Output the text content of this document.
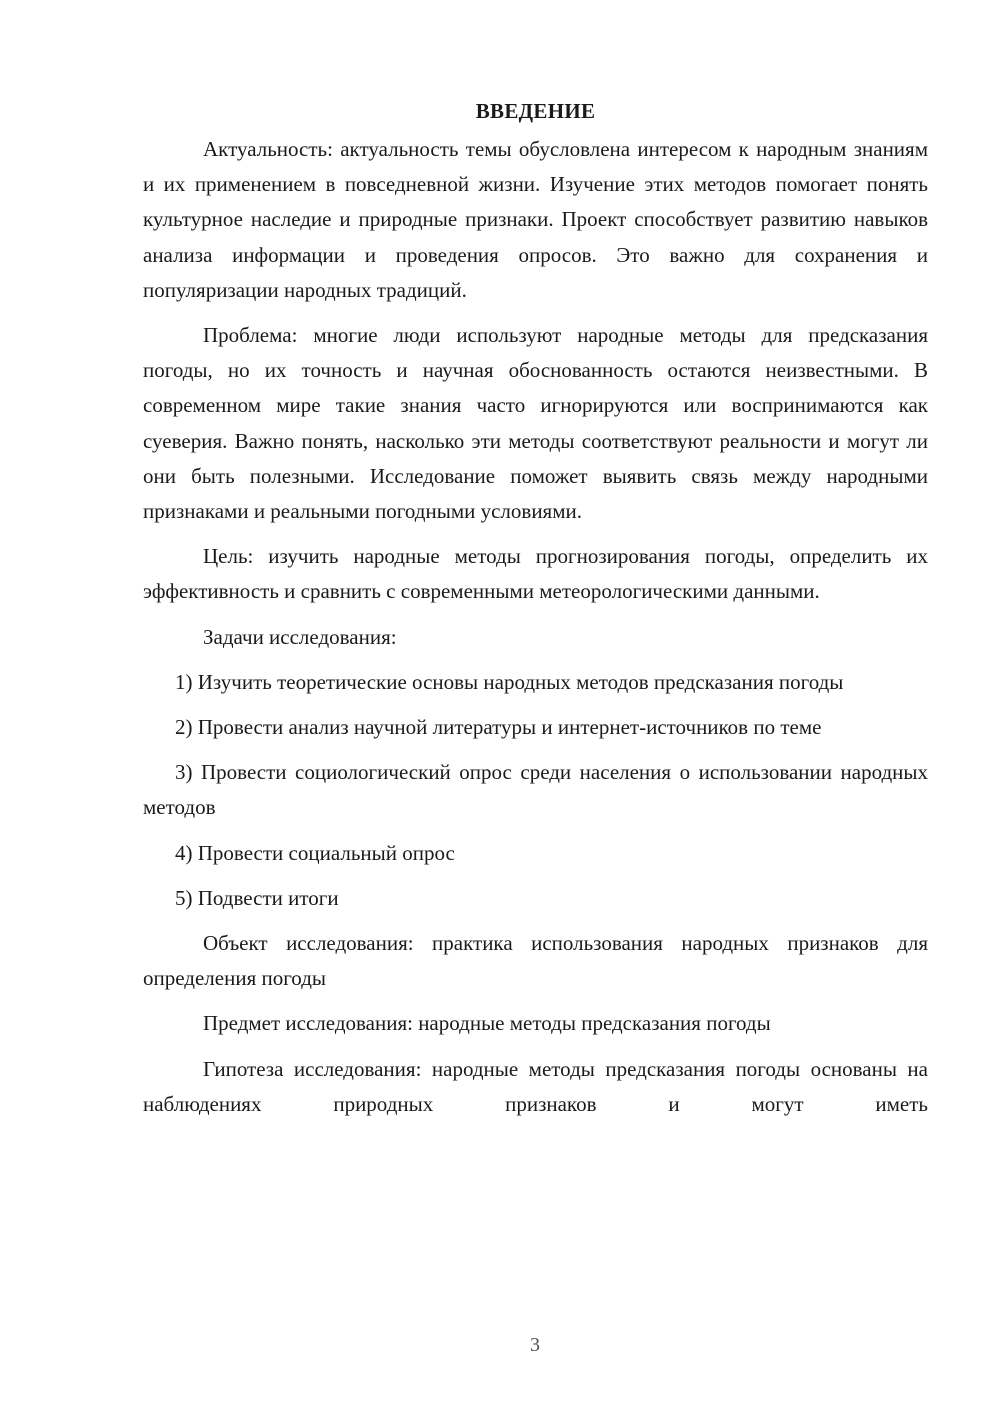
ВВЕДЕНИЕ

Актуальность: актуальность темы обусловлена интересом к народным знаниям и их применением в повседневной жизни. Изучение этих методов помогает понять культурное наследие и природные признаки. Проект способствует развитию навыков анализа информации и проведения опросов. Это важно для сохранения и популяризации народных традиций.

Проблема: многие люди используют народные методы для предсказания погоды, но их точность и научная обоснованность остаются неизвестными. В современном мире такие знания часто игнорируются или воспринимаются как суеверия. Важно понять, насколько эти методы соответствуют реальности и могут ли они быть полезными. Исследование поможет выявить связь между народными признаками и реальными погодными условиями.

Цель: изучить народные методы прогнозирования погоды, определить их эффективность и сравнить с современными метеорологическими данными.

Задачи исследования:

1) Изучить теоретические основы народных методов предсказания погоды

2) Провести анализ научной литературы и интернет-источников по теме

3) Провести социологический опрос среди населения о использовании народных методов

4) Провести социальный опрос

5) Подвести итоги

Объект исследования: практика использования народных признаков для определения погоды

Предмет исследования: народные методы предсказания погоды

Гипотеза исследования: народные методы предсказания погоды основаны на наблюдениях природных признаков и могут иметь

3
